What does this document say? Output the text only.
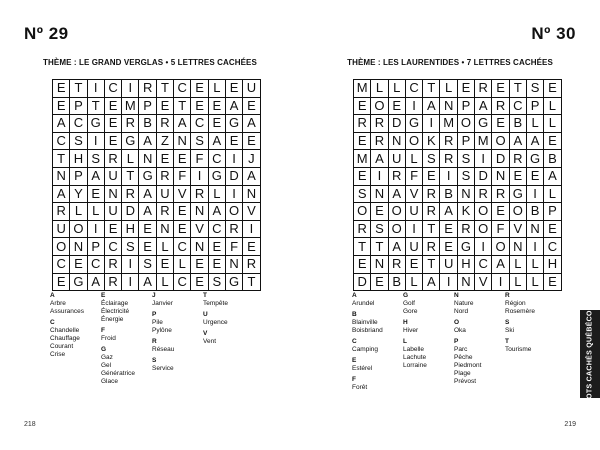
Nº 29
THÈME : LE GRAND VERGLAS • 5 LETTRES CACHÉES
E	T	I	C	I	R	T	C	E	L	E	U
E	P	T	E	M	P	E	T	E	E	A	E
A	C	G	E	R	B	R	A	C	E	G	A
C	S	I	E	G	A	Z	N	S	A	E	E
T	H	S	R	L	N	E	E	F	C	I	J
N	P	A	U	T	G	R	F	I	G	D	A
A	Y	E	N	R	A	U	V	R	L	I	N
R	L	L	U	D	A	R	E	N	A	O	V
U	O	I	E	H	E	N	E	V	C	R	I
O	N	P	C	S	E	L	C	N	E	F	E
C	E	C	R	I	S	E	L	E	E	N	R
E	G	A	R	I	A	L	C	E	S	G	T
A
Arbre
Assurances
C
Chandelle
Chauffage
Courant
Crise
E
Éclairage
Électricité
Énergie
F
Froid
G
Gaz
Gel
Génératrice
Glace
J
Janvier
P
Pile
Pylône
R
Réseau
S
Service
T
Tempête
U
Urgence
V
Vent
218
Nº 30
THÈME : LES LAURENTIDES • 7 LETTRES CACHÉES
M	L	L	C	T	L	E	R	E	T	S	E
E	O	E	I	A	N	P	A	R	C	P	L
R	R	D	G	I	M	O	G	E	B	L	L
E	R	N	O	K	R	P	M	O	A	A	E
M	A	U	L	S	R	S	I	D	R	G	B
E	I	R	F	E	I	S	D	N	E	E	A
S	N	A	V	R	B	N	R	R	G	I	L
O	E	O	U	R	A	K	O	E	O	B	P
R	S	O	I	T	E	R	O	F	V	N	E
T	T	A	U	R	E	G	I	O	N	I	C
E	N	R	E	T	U	H	C	A	L	L	H
D	E	B	L	A	I	N	V	I	L	L	E
A
Arundel
B
Blainville
Boisbriand
C
Camping
E
Estérel
F
Forêt
G
Golf
Gore
H
Hiver
L
Labelle
Lachute
Lorraine
N
Nature
Nord
O
Oka
P
Parc
Pêche
Piedmont
Plage
Prévost
R
Région
Rosemère
S
Ski
T
Tourisme
219
MOTS CACHÉS QUÉBÉCOIS
